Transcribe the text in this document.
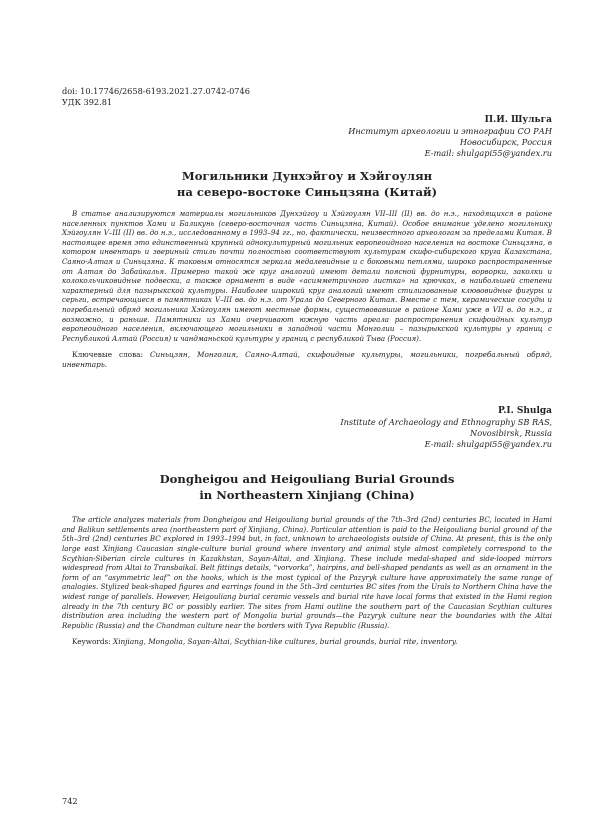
doi: 10.17746/2658-6193.2021.27.0742-0746

УДК 392.81

П.И. Шульга
Институт археологии и этнографии СО РАН
Новосибирск, Россия
E-mail: shulgapi55@yandex.ru
Могильники Дунхэйгоу и Хэйгоулян
на северо-востоке Синьцзяна (Китай)

В статье анализируются материалы могильников Дунхэйгоу и Хэйгоулян VII–III (II) вв. до н.э., находящихся в районе населенных пунктов Хами и Баликунь (северо-восточная часть Синьцзяна, Китай). Особое внимание уделено могильнику Хэйгоулян V–III (II) вв. до н.э., исследованному в 1993–94 гг., но, фактически, неизвестного археологам за пределами Китая. В настоящее время это единственный крупный однокультурный могильник европеоидного населения на востоке Синьцзяна, в котором инвентарь и звериный стиль почти полностью соответствуют культурам скифо-сибирского круга Казахстана, Саяно-Алтая и Синьцзяна. К таковым относятся зеркала медалевидные и с боковыми петлями, широко распространенные от Алтая до Забайкалья. Примерно такой же круг аналогий имеют детали поясной фурнитуры, ворворки, заколки и колокольчиковидные подвески, а также орнамент в виде «асимметричного листка» на крючках, в наибольшей степени характерный для пазырыкской культуры. Наиболее широкий круг аналогий имеют стилизованные клювовидные фигуры и серьги, встречающиеся в памятниках V–III вв. до н.э. от Урала до Северного Китая. Вместе с тем, керамические сосуды и погребальный обряд могильника Хэйгоулян имеют местные формы, существовавшие в районе Хами уже в VII в. до н.э., а возможно, и раньше. Памятники из Хами очерчивают южную часть ареала распространения скифоидных культур европеоидного населения, включающего могильники в западной части Монголии – пазырыкской культуры у границ с Республикой Алтай (Россия) и чандманьской культуры у границ с республикой Тыва (Россия).

Ключевые слова: Синьцзян, Монголия, Саяно-Алтай, скифоидные культуры, могильники, погребальный обряд, инвентарь.

P.I. Shulga
Institute of Archaeology and Ethnography SB RAS,
Novosibirsk, Russia
E-mail: shulgapi55@yandex.ru
Dongheigou and Heigouliang Burial Grounds
in Northeastern Xinjiang (China)

The article analyzes materials from Dongheigou and Heigouliang burial grounds of the 7th–3rd (2nd) centuries BC, located in Hami and Balikun settlements area (northeastern part of Xinjiang, China). Particular attention is paid to the Heigouliang burial ground of the 5th–3rd (2nd) centuries BC explored in 1993–1994 but, in fact, unknown to archaeologists outside of China. At present, this is the only large east Xinjiang Caucasian single-culture burial ground where inventory and animal style almost completely correspond to the Scythian-Siberian circle cultures in Kazakhstan, Sayan-Altai, and Xinjiang. These include medal-shaped and side-looped mirrors widespread from Altai to Transbaikal. Belt fittings details, “vorvorka”, hairpins, and bell-shaped pendants as well as an ornament in the form of an “asymmetric leaf” on the hooks, which is the most typical of the Pazyryk culture have approximately the same range of analogies. Stylized beak-shaped figures and earrings found in the 5th–3rd centuries BC sites from the Urals to Northern China have the widest range of parallels. However, Heigouliang burial ceramic vessels and burial rite have local forms that existed in the Hami region already in the 7th century BC or possibly earlier. The sites from Hami outline the southern part of the Caucasian Scythian cultures distribution area including the western part of Mongolia burial grounds—the Pazyryk culture near the boundaries with the Altai Republic (Russia) and the Chandman culture near the borders with Tyva Republic (Russia).

Keywords: Xinjiang, Mongolia, Sayan-Altai, Scythian-like cultures, burial grounds, burial rite, inventory.

742
